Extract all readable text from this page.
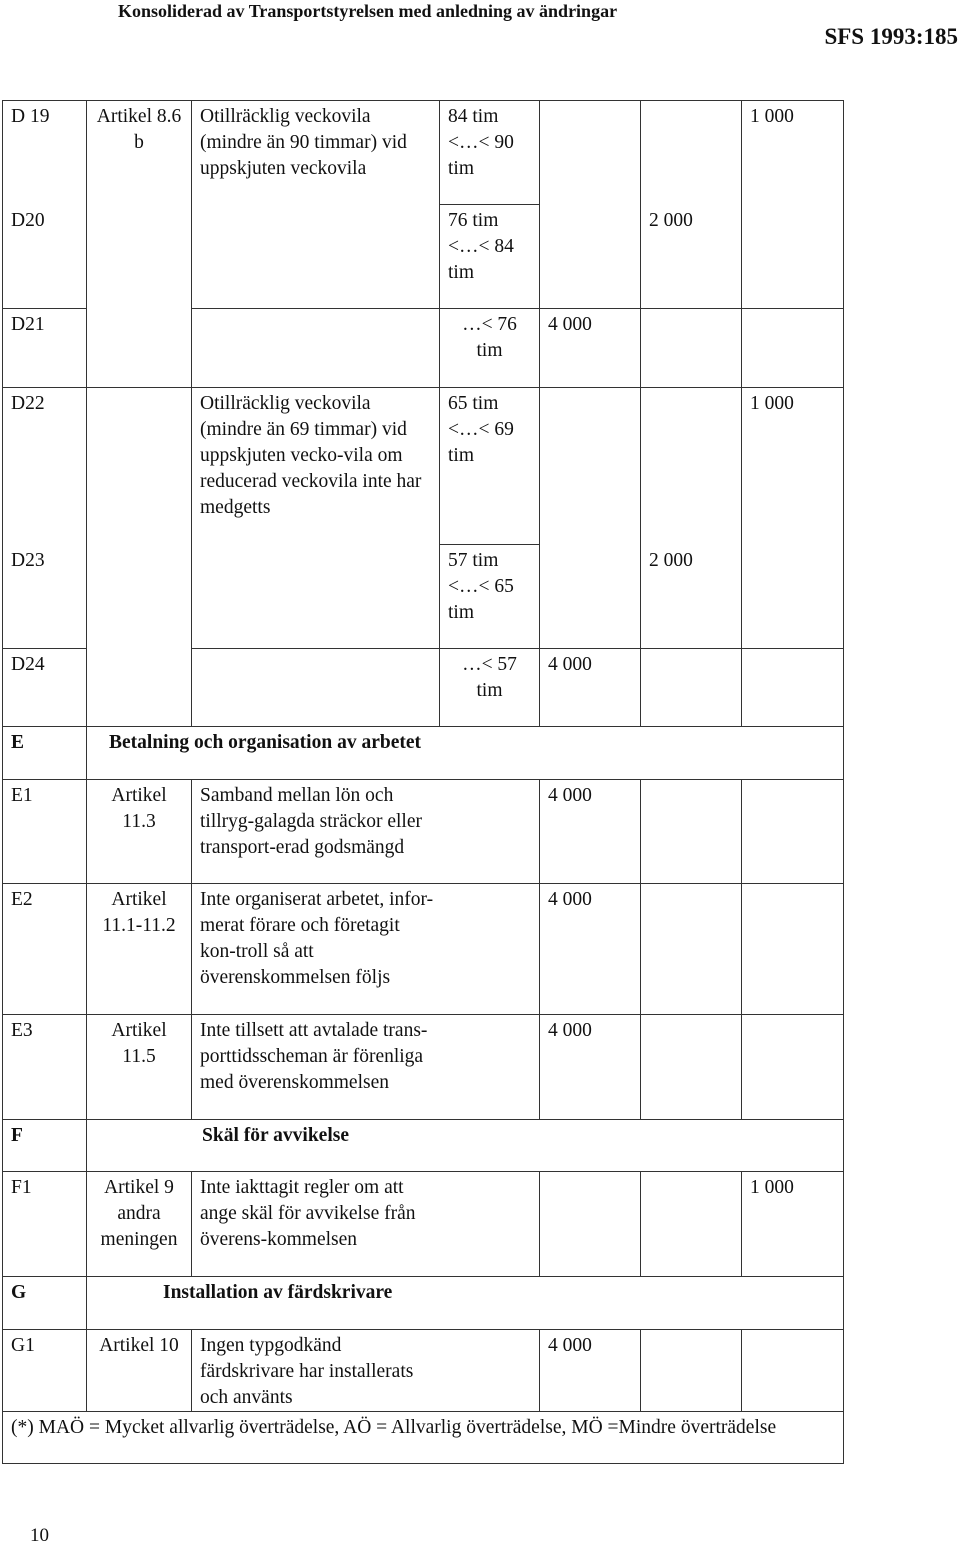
Konsoliderad av Transportstyrelsen med anledning av ändringar
SFS 1993:185
D 19	Artikel 8.6 b	Otillräcklig veckovila (mindre än 90 timmar) vid uppskjuten veckovila	84 tim <…< 90 tim			1 000
D20			76 tim <…< 84 tim		2 000	
D21			…< 76 tim	4 000		
D22		Otillräcklig veckovila (mindre än 69 timmar) vid uppskjuten vecko-vila om reducerad veckovila inte har medgetts	65 tim <…< 69 tim			1 000
D23			57 tim <…< 65 tim		2 000	
D24			…< 57 tim	4 000		
E	Betalning och organisation av arbetet					
E1	Artikel 11.3	Samband mellan lön och tillryg-galagda sträckor eller transport-erad godsmängd		4 000		
E2	Artikel 11.1-11.2	Inte organiserat arbetet, infor-merat förare och företagit kon-troll så att överenskommelsen följs		4 000		
E3	Artikel 11.5	Inte tillsett att avtalade trans-porttidsscheman är förenliga med överenskommelsen		4 000		
F	Skäl för avvikelse					
F1	Artikel 9 andra meningen	Inte iakttagit regler om att ange skäl för avvikelse från överens-kommelsen				1 000
G	Installation av färdskrivare					
G1	Artikel 10	Ingen typgodkänd färdskrivare har installerats och använts		4 000		
(*) MAÖ = Mycket allvarlig överträdelse, AÖ = Allvarlig överträdelse, MÖ =Mindre överträdelse						
10
